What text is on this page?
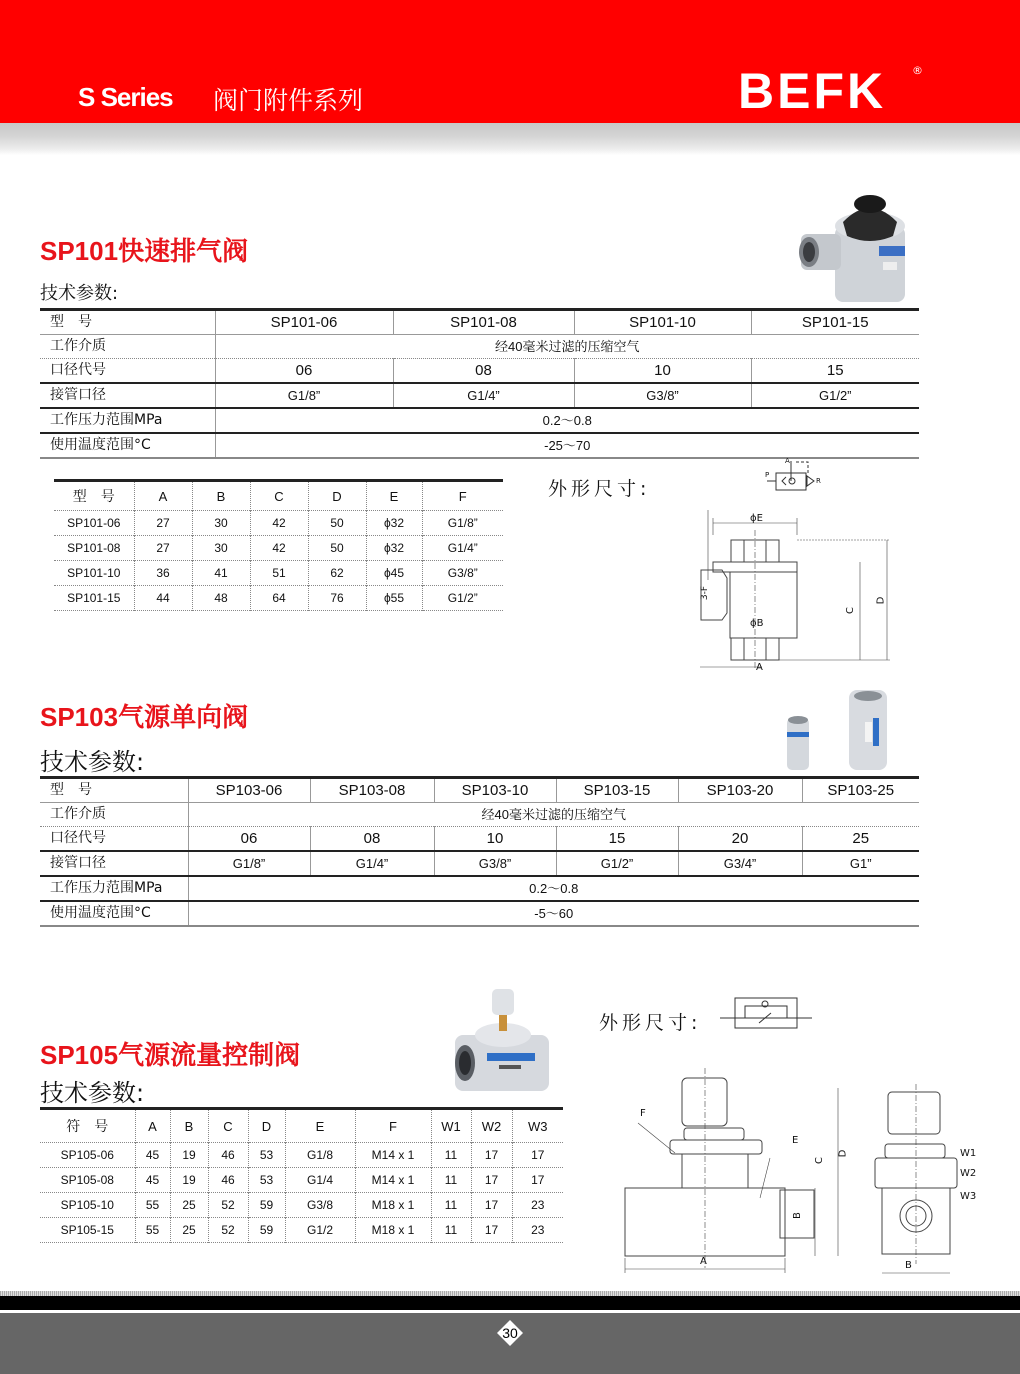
S Series 阀门附件系列	BEFK ®
SP101快速排气阀
技术参数:
型　号	SP101-06	SP101-08	SP101-10	SP101-15
工作介质	经40毫米过滤的压缩空气			
口径代号	06	08	10	15
接管口径	G1/8”	G1/4”	G3/8”	G1/2”
工作压力范围MPa	0.2～0.8			
使用温度范围°C	-25～70			
型　号	A	B	C	D	E	F
SP101-06	27	30	42	50	ϕ32	G1/8”
SP101-08	27	30	42	50	ϕ32	G1/4”
SP101-10	36	41	51	62	ϕ45	G3/8”
SP101-15	44	48	64	76	ϕ55	G1/2”
外形尺寸:
A
P
R
ϕE
ϕB
3-F
A
C
D
SP103气源单向阀
技术参数:
型　号	SP103-06	SP103-08	SP103-10	SP103-15	SP103-20	SP103-25
工作介质	经40毫米过滤的压缩空气					
口径代号	06	08	10	15	20	25
接管口径	G1/8”	G1/4”	G3/8”	G1/2”	G3/4”	G1”
工作压力范围MPa	0.2～0.8					
使用温度范围°C	-5～60					
SP105气源流量控制阀
技术参数:
符　号	A	B	C	D	E	F	W1	W2	W3
SP105-06	45	19	46	53	G1/8	M14 x 1	11	17	17
SP105-08	45	19	46	53	G1/4	M14 x 1	11	17	17
SP105-10	55	25	52	59	G3/8	M18 x 1	11	17	23
SP105-15	55	25	52	59	G1/2	M18 x 1	11	17	23
外形尺寸:
F
E
A
B
C
D	W1
W2
W3
B
30
